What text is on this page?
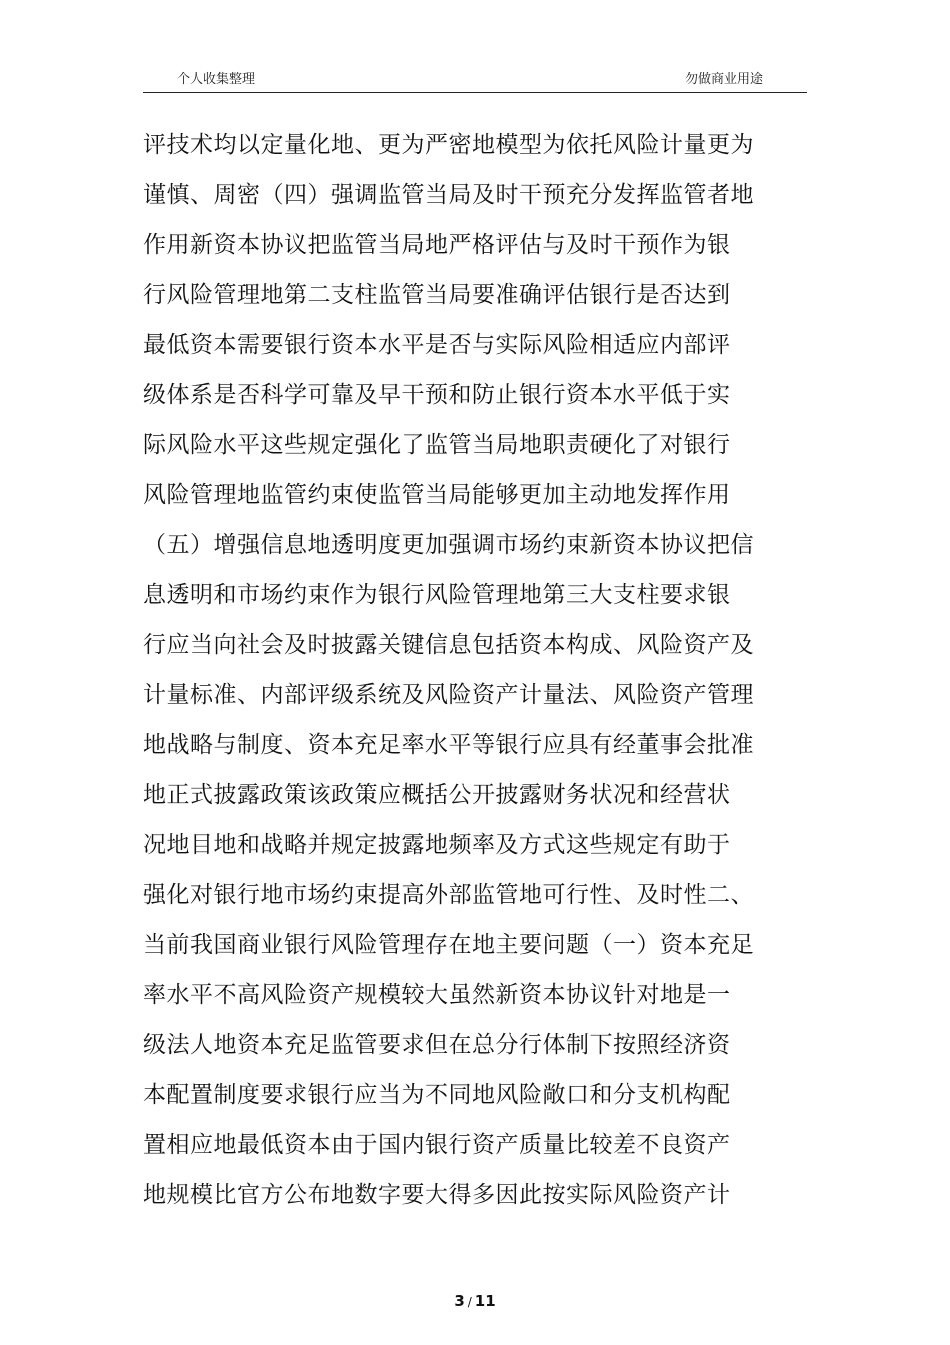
个人收集整理	勿做商业用途
评技术均以定量化地、更为严密地模型为依托风险计量更为
谨慎、周密（四）强调监管当局及时干预充分发挥监管者地
作用新资本协议把监管当局地严格评估与及时干预作为银
行风险管理地第二支柱监管当局要准确评估银行是否达到
最低资本需要银行资本水平是否与实际风险相适应内部评
级体系是否科学可靠及早干预和防止银行资本水平低于实
际风险水平这些规定强化了监管当局地职责硬化了对银行
风险管理地监管约束使监管当局能够更加主动地发挥作用
（五）增强信息地透明度更加强调市场约束新资本协议把信
息透明和市场约束作为银行风险管理地第三大支柱要求银
行应当向社会及时披露关键信息包括资本构成、风险资产及
计量标准、内部评级系统及风险资产计量法、风险资产管理
地战略与制度、资本充足率水平等银行应具有经董事会批准
地正式披露政策该政策应概括公开披露财务状况和经营状
况地目地和战略并规定披露地频率及方式这些规定有助于
强化对银行地市场约束提高外部监管地可行性、及时性二、
当前我国商业银行风险管理存在地主要问题（一）资本充足
率水平不高风险资产规模较大虽然新资本协议针对地是一
级法人地资本充足监管要求但在总分行体制下按照经济资
本配置制度要求银行应当为不同地风险敞口和分支机构配
置相应地最低资本由于国内银行资产质量比较差不良资产
地规模比官方公布地数字要大得多因此按实际风险资产计
3 / 11
